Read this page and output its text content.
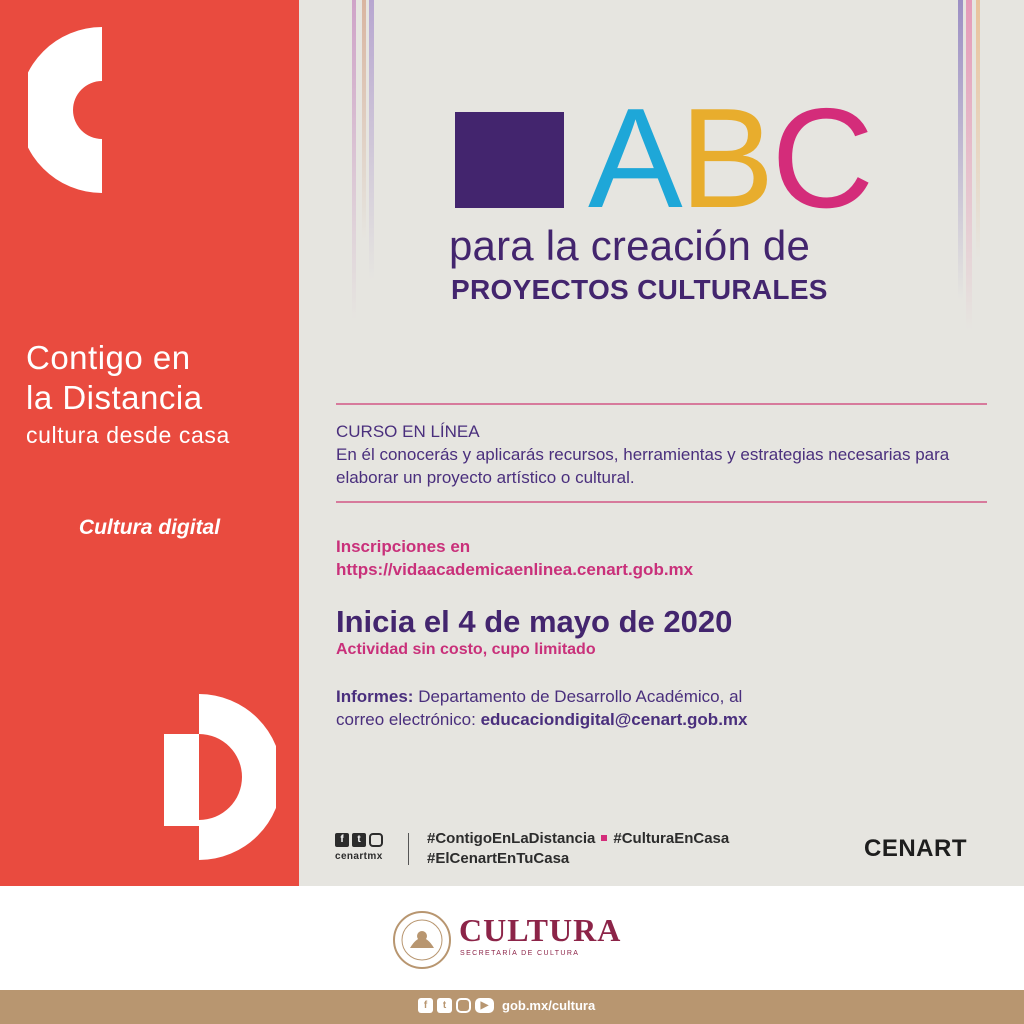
Contigo en
la Distancia
cultura desde casa
Cultura digital
ABC
para la creación de
PROYECTOS CULTURALES
CURSO EN LÍNEA
En él conocerás y aplicarás recursos, herramientas y estrategias necesarias para elaborar un proyecto artístico o cultural.
Inscripciones en
https://vidaacademicaenlinea.cenart.gob.mx
Inicia el 4 de mayo de 2020
Actividad sin costo, cupo limitado
Informes: Departamento de Desarrollo Académico, al
correo electrónico: educaciondigital@cenart.gob.mx
f	t
cenartmx
#ContigoEnLaDistancia #CulturaEnCasa
#ElCenartEnTuCasa	CENART
CULTURA
SECRETARÍA DE CULTURA
f	t	▶	gob.mx/cultura
